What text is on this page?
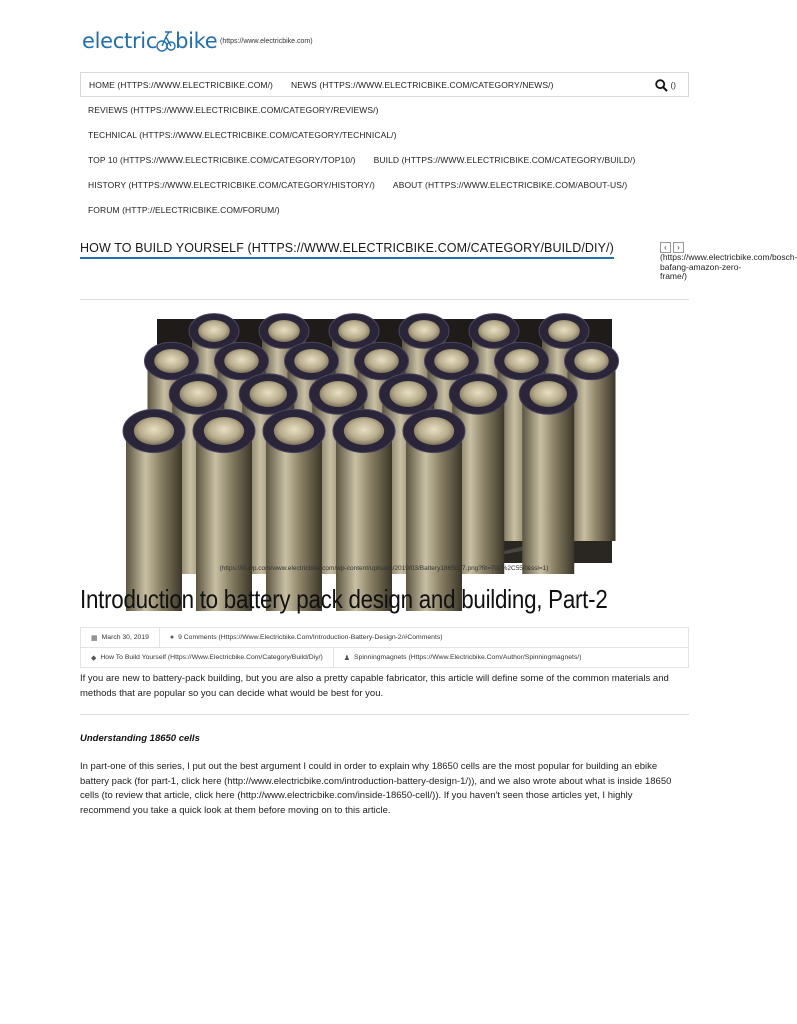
electric bike (https://www.electricbike.com)
HOME (HTTPS://WWW.ELECTRICBIKE.COM/)	NEWS (HTTPS://WWW.ELECTRICBIKE.COM/CATEGORY/NEWS/)	()
REVIEWS (HTTPS://WWW.ELECTRICBIKE.COM/CATEGORY/REVIEWS/)
TECHNICAL (HTTPS://WWW.ELECTRICBIKE.COM/CATEGORY/TECHNICAL/)
TOP 10 (HTTPS://WWW.ELECTRICBIKE.COM/CATEGORY/TOP10/)	BUILD (HTTPS://WWW.ELECTRICBIKE.COM/CATEGORY/BUILD/)
HISTORY (HTTPS://WWW.ELECTRICBIKE.COM/CATEGORY/HISTORY/)	ABOUT (HTTPS://WWW.ELECTRICBIKE.COM/ABOUT-US/)
FORUM (HTTP://ELECTRICBIKE.COM/FORUM/)
HOW TO BUILD YOURSELF (HTTPS://WWW.ELECTRICBIKE.COM/CATEGORY/BUILD/DIY/)	‹	›
(https://www.electricbike.com/bosch-bafang-amazon-zero-frame/)
(https://i0.wp.com/www.electricbike.com/wp-content/uploads/2019/03/Battery1865027.png?fit=700%2C550&ssl=1)
Introduction to battery pack design and building, Part-2
▦ March 30, 2019	● 9 Comments (Https://Www.Electricbike.Com/Introduction-Battery-Design-2/#Comments)
◆ How To Build Yourself (Https://Www.Electricbike.Com/Category/Build/Diy/)	♟ Spinningmagnets (Https://Www.Electricbike.Com/Author/Spinningmagnets/)

If you are new to battery-pack building, but you are also a pretty capable fabricator, this article will define some of the common materials and methods that are popular so you can decide what would be best for you.

Understanding 18650 cells

In part-one of this series, I put out the best argument I could in order to explain why 18650 cells are the most popular for building an ebike battery pack (for part-1, click here (http://www.electricbike.com/introduction-battery-design-1/)), and we also wrote about what is inside 18650 cells (to review that article, click here (http://www.electricbike.com/inside-18650-cell/)). If you haven't seen those articles yet, I highly recommend you take a quick look at them before moving on to this article.
